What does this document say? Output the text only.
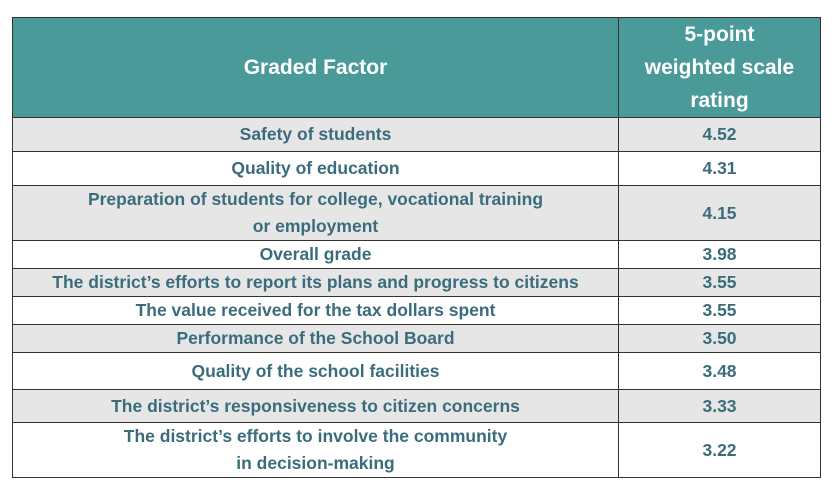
Graded Factor	5-point
weighted scale
rating
Safety of students	4.52
Quality of education	4.31
Preparation of students for college, vocational training
or employment	4.15
Overall grade	3.98
The district’s efforts to report its plans and progress to citizens	3.55
The value received for the tax dollars spent	3.55
Performance of the School Board	3.50
Quality of the school facilities	3.48
The district’s responsiveness to citizen concerns	3.33
The district’s efforts to involve the community
in decision-making	3.22
